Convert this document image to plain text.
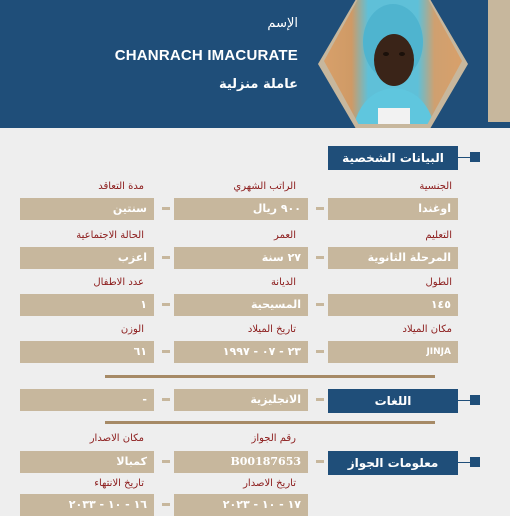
الإسم
CHANRACH IMACURATE
عاملة منزلية
البيانات الشخصية
الجنسية
الراتب الشهري
مدة التعاقد
اوغندا
٩٠٠ ريال
سنتين
التعليم
العمر
الحالة الاجتماعية
المرحلة الثانوية
٢٧ سنة
اعزب
الطول
الديانة
عدد الاطفال
١٤٥
المسيحية
١
مكان الميلاد
تاريخ الميلاد
الوزن
JINJA
٢٣ - ٠٧ - ١٩٩٧
٦١
اللغات
الانجليزية
-
رقم الجواز
مكان الاصدار
معلومات الجواز
B00187653
كمبالا
تاريخ الاصدار
تاريخ الانتهاء
١٧ - ١٠ - ٢٠٢٣
١٦ - ١٠ - ٢٠٣٣
